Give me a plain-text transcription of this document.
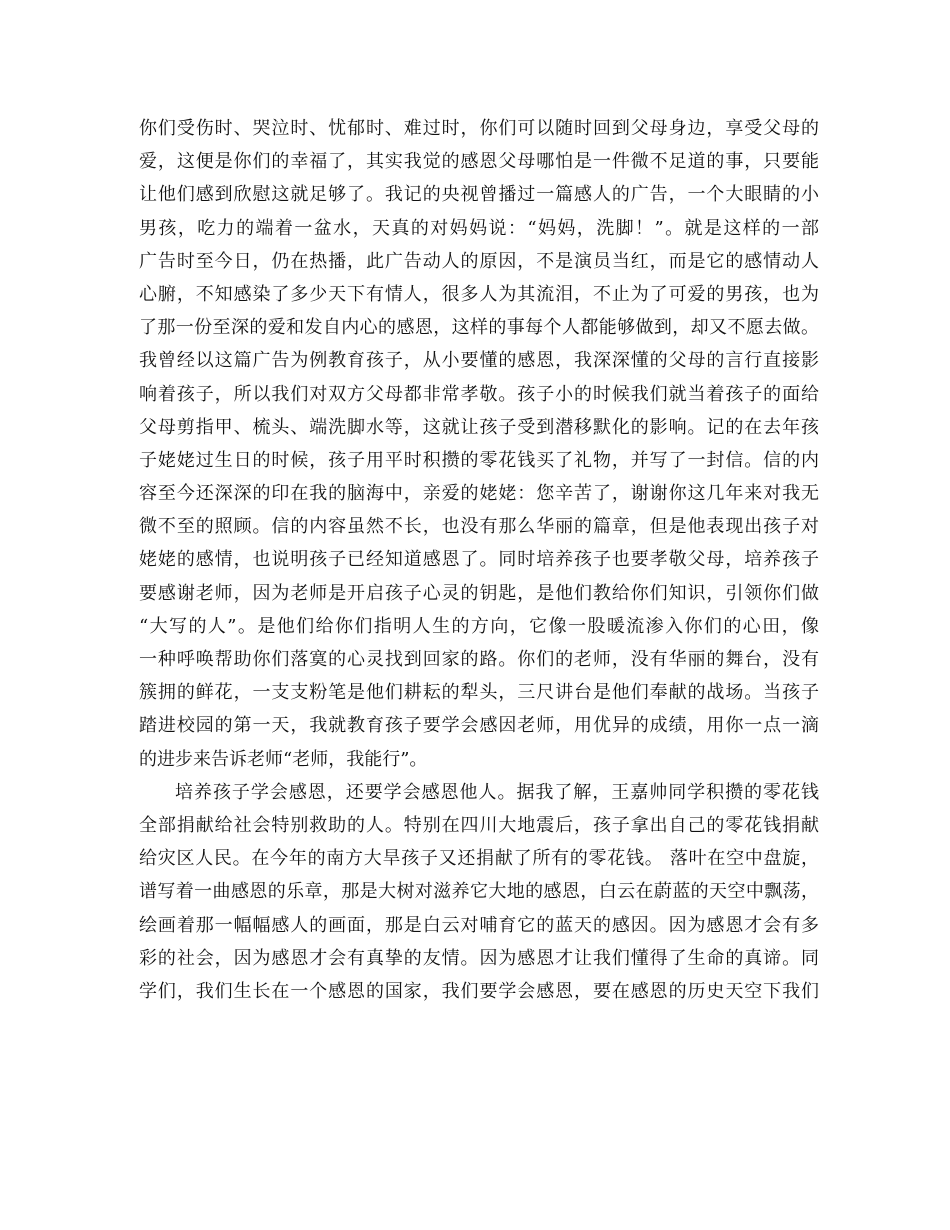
你们受伤时、哭泣时、忧郁时、难过时，你们可以随时回到父母身边，享受父母的
爱，这便是你们的幸福了，其实我觉的感恩父母哪怕是一件微不足道的事，只要能
让他们感到欣慰这就足够了。我记的央视曾播过一篇感人的广告，一个大眼睛的小
男孩，吃力的端着一盆水，天真的对妈妈说：“妈妈，洗脚！”。就是这样的一部
广告时至今日，仍在热播，此广告动人的原因，不是演员当红，而是它的感情动人
心腑，不知感染了多少天下有情人，很多人为其流泪，不止为了可爱的男孩，也为
了那一份至深的爱和发自内心的感恩，这样的事每个人都能够做到，却又不愿去做。
我曾经以这篇广告为例教育孩子，从小要懂的感恩，我深深懂的父母的言行直接影
响着孩子，所以我们对双方父母都非常孝敬。孩子小的时候我们就当着孩子的面给
父母剪指甲、梳头、端洗脚水等，这就让孩子受到潜移默化的影响。记的在去年孩
子姥姥过生日的时候，孩子用平时积攒的零花钱买了礼物，并写了一封信。信的内
容至今还深深的印在我的脑海中，亲爱的姥姥：您辛苦了，谢谢你这几年来对我无
微不至的照顾。信的内容虽然不长，也没有那么华丽的篇章，但是他表现出孩子对
姥姥的感情，也说明孩子已经知道感恩了。同时培养孩子也要孝敬父母，培养孩子
要感谢老师，因为老师是开启孩子心灵的钥匙，是他们教给你们知识，引领你们做
“大写的人”。是他们给你们指明人生的方向，它像一股暖流渗入你们的心田，像
一种呼唤帮助你们落寞的心灵找到回家的路。你们的老师，没有华丽的舞台，没有
簇拥的鲜花，一支支粉笔是他们耕耘的犁头，三尺讲台是他们奉献的战场。当孩子
踏进校园的第一天，我就教育孩子要学会感因老师，用优异的成绩，用你一点一滴
的进步来告诉老师“老师，我能行”。
培养孩子学会感恩，还要学会感恩他人。据我了解，王嘉帅同学积攒的零花钱
全部捐献给社会特别救助的人。特别在四川大地震后，孩子拿出自己的零花钱捐献
给灾区人民。在今年的南方大旱孩子又还捐献了所有的零花钱。 落叶在空中盘旋，
谱写着一曲感恩的乐章，那是大树对滋养它大地的感恩，白云在蔚蓝的天空中飘荡，
绘画着那一幅幅感人的画面，那是白云对哺育它的蓝天的感因。因为感恩才会有多
彩的社会，因为感恩才会有真挚的友情。因为感恩才让我们懂得了生命的真谛。同
学们，我们生长在一个感恩的国家，我们要学会感恩，要在感恩的历史天空下我们
